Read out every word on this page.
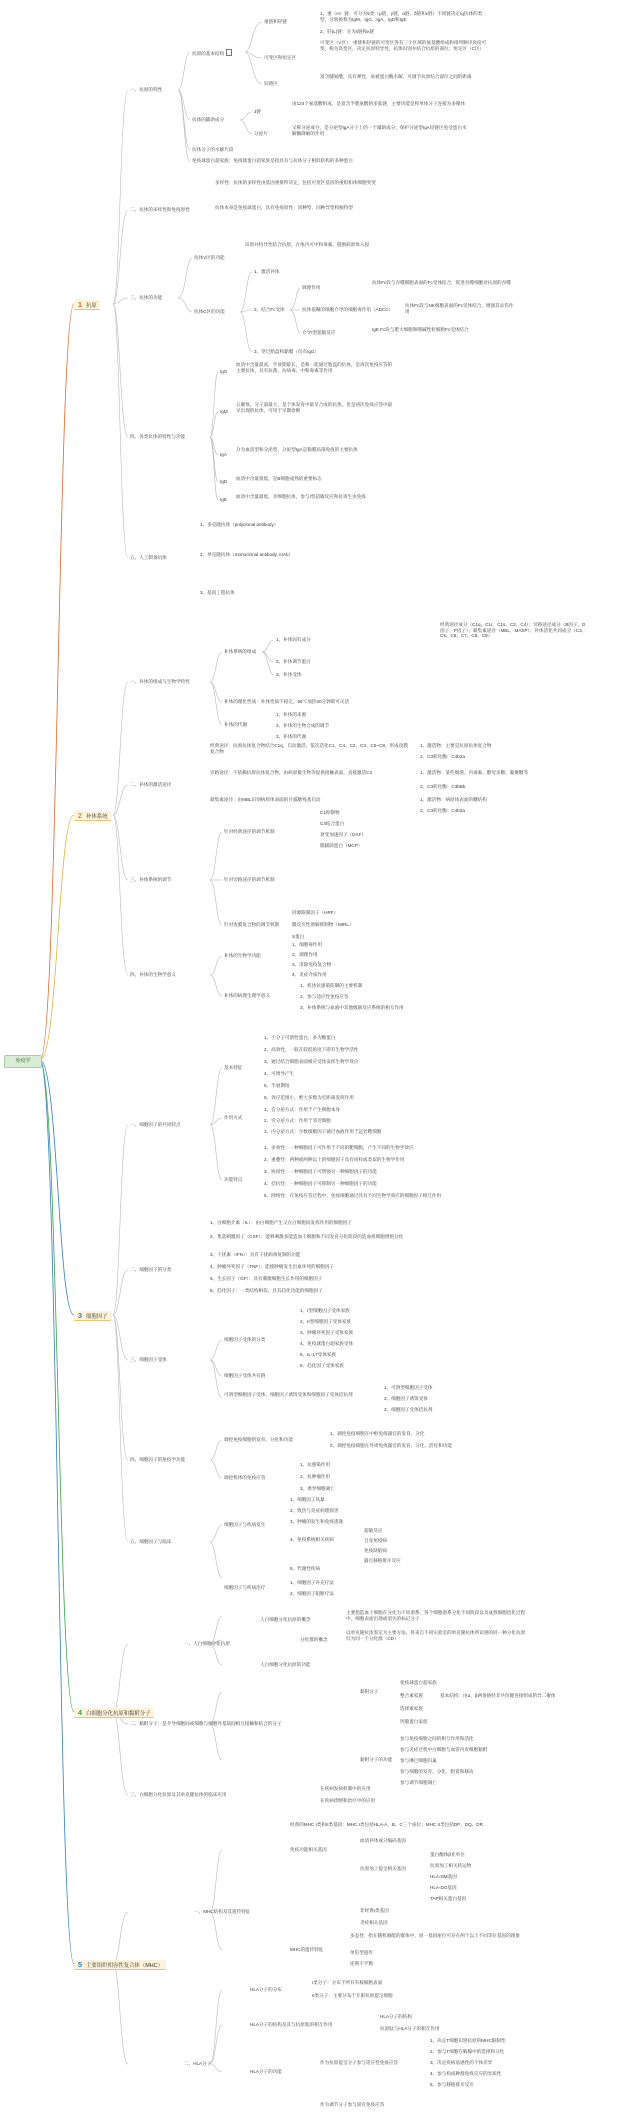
免疫学
1 抗原
一、抗原的特性
抗原的基本结构
重链和轻链
1、重（H）链：可分为5类（μ链、γ链、α链、δ链和ε链）不同链决定Ig抗体的类型，分别被称为IgM、IgG、IgA、IgD和IgE
2、轻(L)链：分为λ链和κ链
可变区和恒定区
可变区（V区）：重链和轻链的可变区各有三个区域的氨基酸组成和排列顺序高度可变，称为高变区，决定抗原特异性，抗体识别并结合抗原的部位；恒定区（C区）
铰链区
富含脯氨酸，具有弹性，易被蛋白酶水解，可调节抗原结合部位之间的距离
抗体的辅助成分
J链
由124个氨基酸组成，是富含半胱氨酸的多肽链，主要功能是将单体分子连接为多聚体
分泌片
又称分泌成分，是分泌型IgA分子上的一个辅助成分，保护分泌型IgA铰链区免受蛋白水解酶降解的作用
抗体分子的水解片段
免疫球蛋白超家族：免疫球蛋白超家族是指具有与抗体分子相似结构的多种蛋白
二、抗体的多样性和免疫原性
多样性：抗体的多样性由基因重排所决定，包括可变区基因的重组和体细胞突变
抗体本身是免疫球蛋白，具有免疫原性：同种型、同种异型和独特型
三、抗体的功能
抗体V区的功能
识别并特异性结合抗原，在体内可中和毒素、阻断病原体入侵
抗体C区的功能
1、激活补体
2、结合Fc受体
调理作用
抗体Fc段与吞噬细胞表面的Fc受体结合，促进吞噬细胞对抗原的吞噬
抗体依赖的细胞介导的细胞毒作用（ADCC）
抗体Fc段与NK细胞表面的Fc受体结合，增强其杀伤作用
介导I型超敏反应
IgE Fc段与肥大细胞和嗜碱性粒细胞Fc受体结合
3、穿过胎盘和黏膜（仅有IgG）
四、各类抗体的特性与功能
IgG
血清中含量最高，半衰期最长，是唯一能通过胎盘的抗体，是再次免疫应答的主要抗体，具有抗菌、抗病毒、中和毒素等作用
IgM
五聚体，分子量最大，是个体发育中最早合成的抗体，也是初次免疫应答中最早出现的抗体，可用于早期诊断
IgA
分为血清型和分泌型，分泌型IgA是黏膜局部免疫的主要抗体
IgD
血清中含量很低，是B细胞成熟的重要标志
IgE
血清中含量最低，亲细胞抗体，参与I型超敏反应和抗寄生虫免疫
五、人工制备抗体
1、多克隆抗体（polyclonal antibody）
2、单克隆抗体（monoclonal antibody, mAb）
3、基因工程抗体
2 补体系统
一、补体的组成与生物学特性
补体系统的组成
1、补体固有成分
经典途径成分（C1q、C1r、C1s、C2、C4）；旁路途径成分（B因子、D因子、P因子）；凝集素途径（MBL、MASP）；补体活化共同成分（C3、C5、C6、C7、C8、C9）
2、补体调节蛋白
3、补体受体
补体的理化性质：补体性质不稳定，56℃加热30分钟即可灭活
补体的代谢
1、补体的来源
2、补体的生物合成的调节
3、补体的代谢
二、补体的激活途径
经典途径：抗原抗体复合物结合C1q，启动激活，依次活化C1、C4、C2、C3、C5~C9，形成攻膜复合物
1、激活物：主要是抗原抗体复合物
2、C3转化酶：C4b2a
旁路途径：不依赖抗原抗体复合物，由病原微生物等提供接触表面，直接激活C3	1、激活物：某些细菌、内毒素、酵母多糖、葡聚糖等
2、C3转化酶：C3bBb
凝集素途径：由MBL识别病原体表面的甘露糖残基启动	1、激活物：病原体表面的糖结构
2、C3转化酶：C4b2a
三、补体系统的调节
针对经典途径的调节机制
C1抑制物
C4结合蛋白
衰变加速因子（DAF）
膜辅助蛋白（MCP）
针对旁路途径的调节机制
针对攻膜复合物的调节机制
同源限制因子（HRF）
膜反应性溶解抑制物（MIRL）
S蛋白
四、补体的生物学意义
补体的生物学功能
1、细胞毒作用
2、调理作用
3、清除免疫复合物
4、炎症介质作用
补体的病理生理学意义
1、机体抗感染防御的主要机制
2、参与适应性免疫应答
3、补体系统与血液中其他级联反应系统的相互作用
3 细胞因子
一、细胞因子的共同特点
基本特征
1、小分子可溶性蛋白，多为糖蛋白
2、高效性，一般在较低浓度下即有生物学活性
3、通过结合细胞表面相应受体发挥生物学效应
4、可诱导产生
5、半衰期短
6、效应范围小，绝大多数为近距离发挥作用
作用方式
1、自分泌方式：作用于产生细胞本身
2、旁分泌方式：作用于邻近细胞
3、内分泌方式：少数细胞因子通过血液作用于远处靶细胞
功能特点
1、多效性：一种细胞因子可作用于不同的靶细胞，产生不同的生物学效应
2、重叠性：两种或两种以上的细胞因子具有同样或类似的生物学作用
3、协同性：一种细胞因子可增强另一种细胞因子的功能
4、拮抗性：一种细胞因子可抑制另一种细胞因子的功能
5、网络性：在免疫应答过程中，免疫细胞通过具有不同生物学效应的细胞因子相互作用
二、细胞因子的分类
1、白细胞介素（IL）：由白细胞产生又在白细胞间发挥作用的细胞因子
2、集落刺激因子（CSF）：能够刺激多能造血干细胞和不同发育分化阶段的造血祖细胞增殖分化
3、干扰素（IFN）：具有干扰病毒复制的功能
4、肿瘤坏死因子（TNF）：能使肿瘤发生出血坏死的细胞因子
5、生长因子（GF）：具有刺激细胞生长作用的细胞因子
6、趋化因子：一类结构相似、具有趋化功能的细胞因子
三、细胞因子受体
细胞因子受体的分类
1、I型细胞因子受体家族
2、II型细胞因子受体家族
3、肿瘤坏死因子受体家族
4、免疫球蛋白超家族受体
5、IL-17受体家族
6、趋化因子受体家族
细胞因子受体共有链
可溶型细胞因子受体、细胞因子诱饵受体和细胞因子受体拮抗剂
1、可溶型细胞因子受体
2、细胞因子诱饵受体
3、细胞因子受体拮抗剂
四、细胞因子的免疫学功能
调控免疫细胞的发育、分化和功能
1、调控免疫细胞在中枢免疫器官的发育、分化
2、调控免疫细胞在外周免疫器官的发育、分化、活化和功能
调控机体的免疫应答
1、抗感染作用
2、抗肿瘤作用
3、诱导细胞凋亡
五、细胞因子与临床
细胞因子与疾病发生
1、细胞因子风暴
2、致热与炎症病理损害
3、肿瘤的发生和免疫逃逸
4、免疫系统相关疾病
超敏反应
自身免疫病
免疫缺陷病
器官移植排斥反应
5、代谢性疾病
细胞因子与疾病治疗
1、细胞因子补充疗法
2、细胞因子阻断疗法
4 白细胞分化抗原和黏附分子
一、人白细胞分化抗原
人白细胞分化抗原的概念
主要指造血干细胞在分化为不同谱系、各个细胞谱系分化不同阶段以及成熟细胞活化过程中，细胞表面出现或消失的标记分子
分化群的概念
以单克隆抗体鉴定为主要方法，将来自不同实验室的单克隆抗体所识别的同一种分化抗原归为同一个分化群（CD）
人白细胞分化抗原的功能
二、黏附分子：是介导细胞间或细胞与细胞外基质间相互接触和结合的分子
黏附分子
免疫球蛋白超家族
整合素家族	基本结构：由α、β两条链经非共价键连接组成的异二聚体
选择素家族
钙黏蛋白家族
黏附分子的功能
参与免疫细胞之间的相互作用和活化
参与炎症过程中白细胞与血管内皮细胞黏附
参与淋巴细胞归巢
参与细胞的发育、分化、附着和移动
参与调节细胞凋亡
三、白细胞分化抗原及其单克隆抗体的临床应用
在疾病发病机制中的应用
在疾病诊断和治疗中的应用
5 主要组织相容性复合体（MHC）
一、MHC结构及其遗传特征
经典的MHC I类和II类基因：MHC I类包括HLA-A、B、C三个座位；MHC II类包括DP、DQ、DR
免疫功能相关基因
血清补体成分编码基因
抗原加工提呈相关基因
蛋白酶体β亚单位
抗原加工相关转运物
HLA-DM基因
HLA-DO基因
TAP相关蛋白基因
非经典I类基因
炎症相关基因
MHC的遗传特征
多态性：指在随机婚配的群体中，同一基因座位可存在两个以上不同等位基因的现象
单倍型遗传
连锁不平衡
二、HLA分子
HLA分子的分布
I类分子：分布于所有有核细胞表面
II类分子：主要分布于专职抗原提呈细胞
HLA分子的结构及其与抗原肽的相互作用
HLA分子的结构
抗原肽与HLA分子的相互作用
HLA分子的功能
作为抗原提呈分子参与适应性免疫应答
1、决定T细胞识别抗原的MHC限制性
2、参与T细胞在胸腺中的选择和分化
3、决定疾病易感性的个体差异
4、参与构成种群免疫反应的异质性
5、参与移植排斥反应
作为调节分子参与固有免疫应答
